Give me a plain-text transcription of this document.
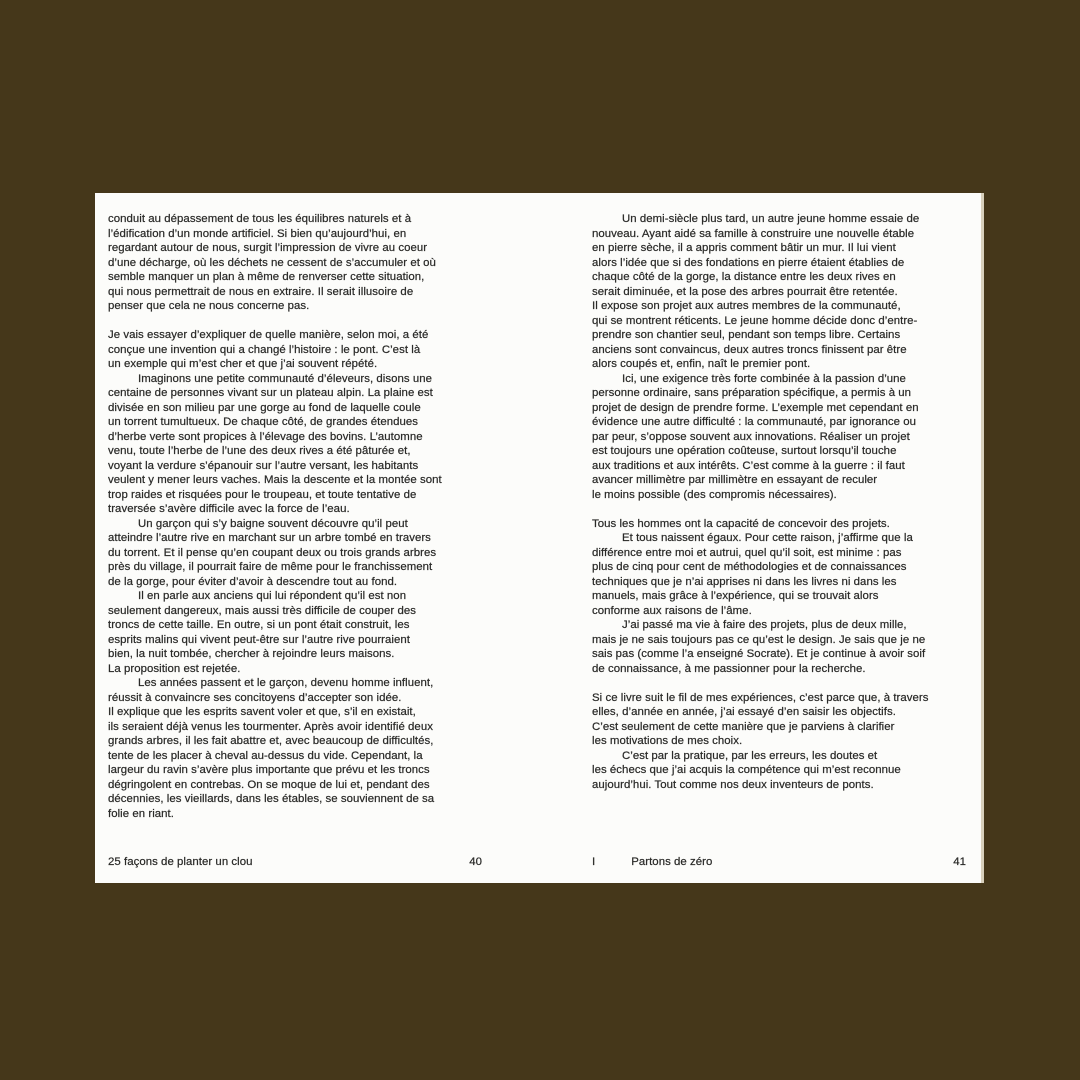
conduit au dépassement de tous les équilibres naturels et à
l’édification d’un monde artificiel. Si bien qu’aujourd’hui, en
regardant autour de nous, surgit l’impression de vivre au coeur
d’une décharge, où les déchets ne cessent de s’accumuler et où
semble manquer un plan à même de renverser cette situation,
qui nous permettrait de nous en extraire. Il serait illusoire de
penser que cela ne nous concerne pas.
Je vais essayer d’expliquer de quelle manière, selon moi, a été
conçue une invention qui a changé l’histoire : le pont. C’est là
un exemple qui m’est cher et que j’ai souvent répété.
Imaginons une petite communauté d’éleveurs, disons une
centaine de personnes vivant sur un plateau alpin. La plaine est
divisée en son milieu par une gorge au fond de laquelle coule
un torrent tumultueux. De chaque côté, de grandes étendues
d’herbe verte sont propices à l’élevage des bovins. L’automne
venu, toute l’herbe de l’une des deux rives a été pâturée et,
voyant la verdure s’épanouir sur l’autre versant, les habitants
veulent y mener leurs vaches. Mais la descente et la montée sont
trop raides et risquées pour le troupeau, et toute tentative de
traversée s’avère difficile avec la force de l’eau.
Un garçon qui s’y baigne souvent découvre qu’il peut
atteindre l’autre rive en marchant sur un arbre tombé en travers
du torrent. Et il pense qu’en coupant deux ou trois grands arbres
près du village, il pourrait faire de même pour le franchissement
de la gorge, pour éviter d’avoir à descendre tout au fond.
Il en parle aux anciens qui lui répondent qu’il est non
seulement dangereux, mais aussi très difficile de couper des
troncs de cette taille. En outre, si un pont était construit, les
esprits malins qui vivent peut-être sur l’autre rive pourraient
bien, la nuit tombée, chercher à rejoindre leurs maisons.
La proposition est rejetée.
Les années passent et le garçon, devenu homme influent,
réussit à convaincre ses concitoyens d’accepter son idée.
Il explique que les esprits savent voler et que, s’il en existait,
ils seraient déjà venus les tourmenter. Après avoir identifié deux
grands arbres, il les fait abattre et, avec beaucoup de difficultés,
tente de les placer à cheval au-dessus du vide. Cependant, la
largeur du ravin s’avère plus importante que prévu et les troncs
dégringolent en contrebas. On se moque de lui et, pendant des
décennies, les vieillards, dans les étables, se souviennent de sa
folie en riant.
25 façons de planter un clou	40
Un demi-siècle plus tard, un autre jeune homme essaie de
nouveau. Ayant aidé sa famille à construire une nouvelle étable
en pierre sèche, il a appris comment bâtir un mur. Il lui vient
alors l’idée que si des fondations en pierre étaient établies de
chaque côté de la gorge, la distance entre les deux rives en
serait diminuée, et la pose des arbres pourrait être retentée.
Il expose son projet aux autres membres de la communauté,
qui se montrent réticents. Le jeune homme décide donc d’entre-
prendre son chantier seul, pendant son temps libre. Certains
anciens sont convaincus, deux autres troncs finissent par être
alors coupés et, enfin, naît le premier pont.
Ici, une exigence très forte combinée à la passion d’une
personne ordinaire, sans préparation spécifique, a permis à un
projet de design de prendre forme. L’exemple met cependant en
évidence une autre difficulté : la communauté, par ignorance ou
par peur, s’oppose souvent aux innovations. Réaliser un projet
est toujours une opération coûteuse, surtout lorsqu’il touche
aux traditions et aux intérêts. C’est comme à la guerre : il faut
avancer millimètre par millimètre en essayant de reculer
le moins possible (des compromis nécessaires).
Tous les hommes ont la capacité de concevoir des projets.
Et tous naissent égaux. Pour cette raison, j’affirme que la
différence entre moi et autrui, quel qu’il soit, est minime : pas
plus de cinq pour cent de méthodologies et de connaissances
techniques que je n’ai apprises ni dans les livres ni dans les
manuels, mais grâce à l’expérience, qui se trouvait alors
conforme aux raisons de l’âme.
J’ai passé ma vie à faire des projets, plus de deux mille,
mais je ne sais toujours pas ce qu’est le design. Je sais que je ne
sais pas (comme l’a enseigné Socrate). Et je continue à avoir soif
de connaissance, à me passionner pour la recherche.
Si ce livre suit le fil de mes expériences, c’est parce que, à travers
elles, d’année en année, j’ai essayé d’en saisir les objectifs.
C’est seulement de cette manière que je parviens à clarifier
les motivations de mes choix.
C’est par la pratique, par les erreurs, les doutes et
les échecs que j’ai acquis la compétence qui m’est reconnue
aujourd’hui. Tout comme nos deux inventeurs de ponts.
I	Partons de zéro	41
